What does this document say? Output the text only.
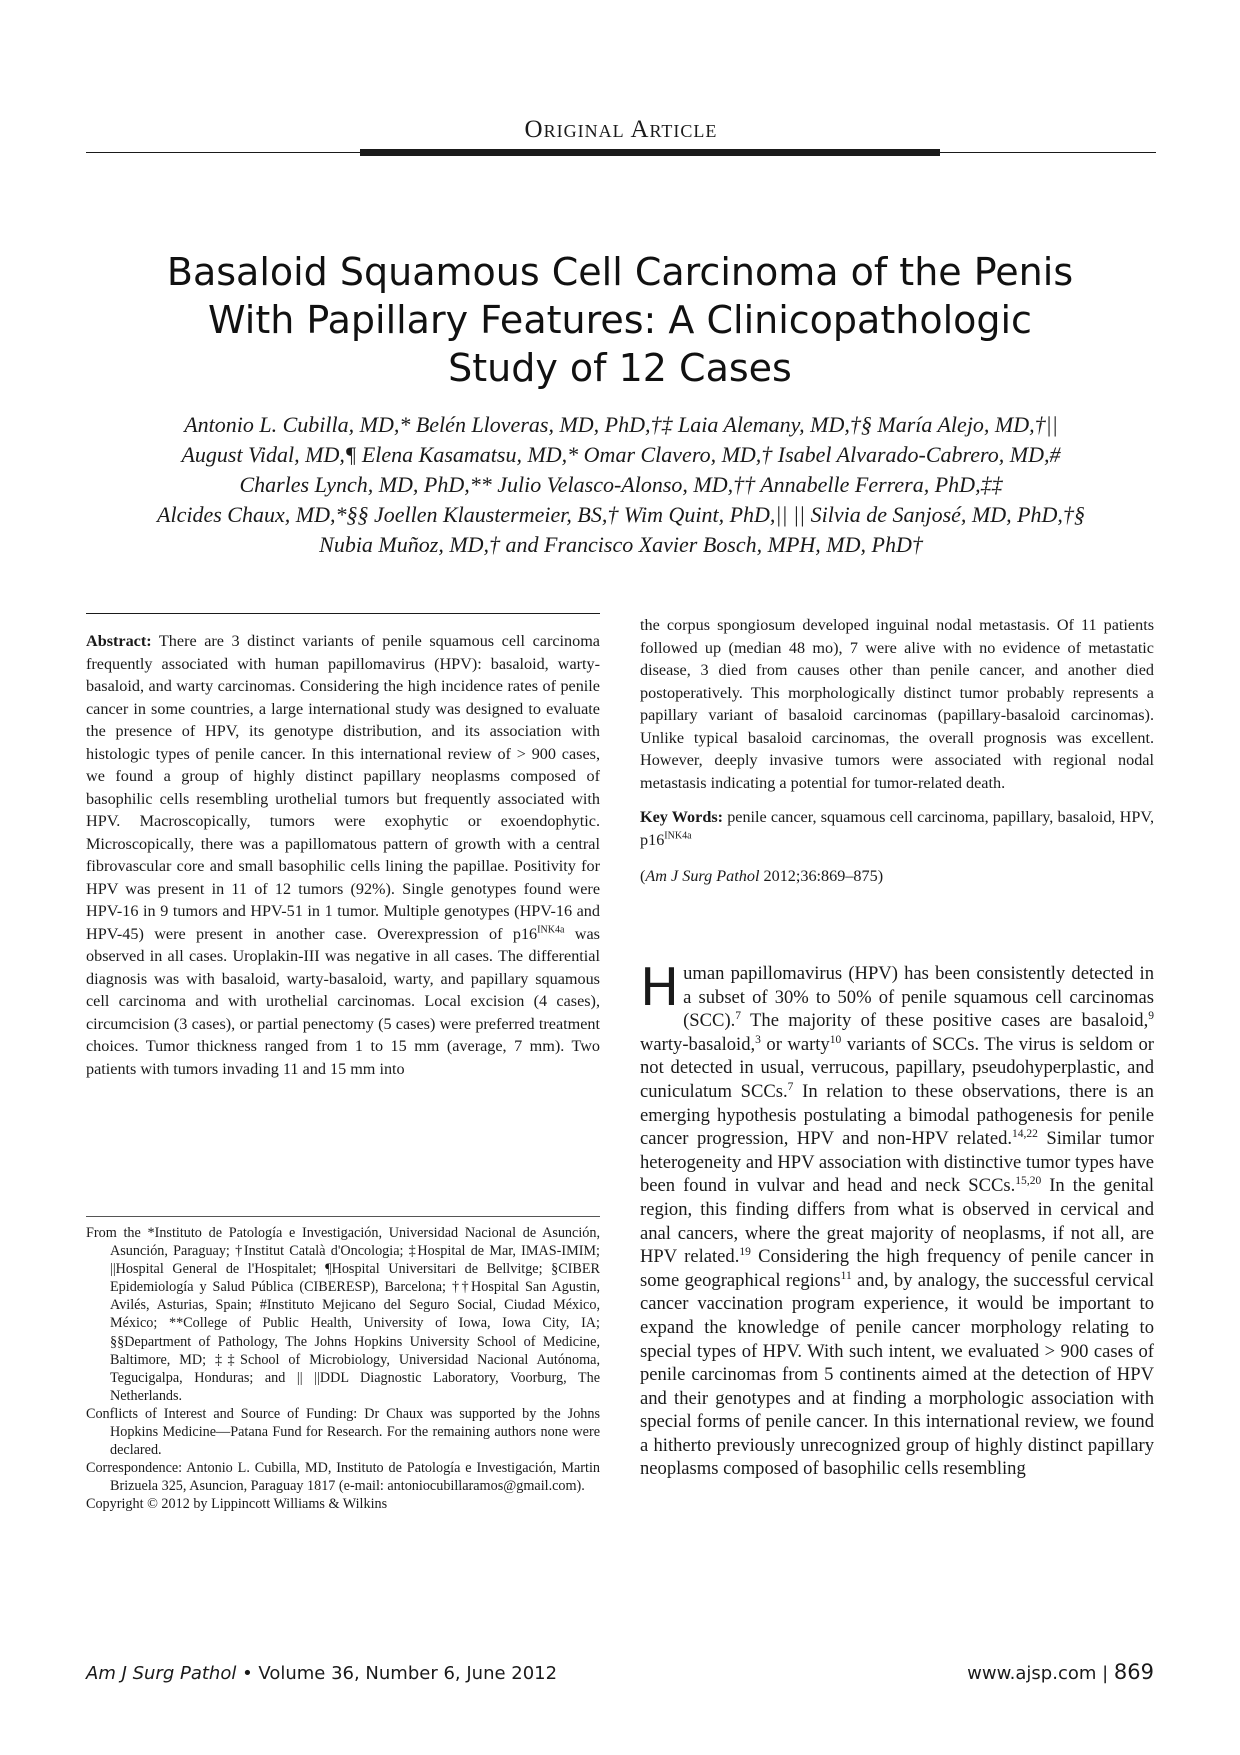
Original Article
Basaloid Squamous Cell Carcinoma of the Penis
With Papillary Features: A Clinicopathologic
Study of 12 Cases
Antonio L. Cubilla, MD,* Belén Lloveras, MD, PhD,†‡ Laia Alemany, MD,†§ María Alejo, MD,†||
August Vidal, MD,¶ Elena Kasamatsu, MD,* Omar Clavero, MD,† Isabel Alvarado-Cabrero, MD,#
Charles Lynch, MD, PhD,** Julio Velasco-Alonso, MD,†† Annabelle Ferrera, PhD,‡‡
Alcides Chaux, MD,*§§ Joellen Klaustermeier, BS,† Wim Quint, PhD,|| || Silvia de Sanjosé, MD, PhD,†§
Nubia Muñoz, MD,† and Francisco Xavier Bosch, MPH, MD, PhD†

Abstract: There are 3 distinct variants of penile squamous cell carcinoma frequently associated with human papillomavirus (HPV): basaloid, warty-basaloid, and warty carcinomas. Considering the high incidence rates of penile cancer in some countries, a large international study was designed to evaluate the presence of HPV, its genotype distribution, and its association with histologic types of penile cancer. In this international review of > 900 cases, we found a group of highly distinct papillary neoplasms composed of basophilic cells resembling urothelial tumors but frequently associated with HPV. Macroscopically, tumors were exophytic or exoendophytic. Microscopically, there was a papillomatous pattern of growth with a central fibrovascular core and small basophilic cells lining the papillae. Positivity for HPV was present in 11 of 12 tumors (92%). Single genotypes found were HPV-16 in 9 tumors and HPV-51 in 1 tumor. Multiple genotypes (HPV-16 and HPV-45) were present in another case. Overexpression of $p16^{INK4a}$ was observed in all cases. Uroplakin-III was negative in all cases. The differential diagnosis was with basaloid, warty-basaloid, warty, and papillary squamous cell carcinoma and with urothelial carcinomas. Local excision (4 cases), circumcision (3 cases), or partial penectomy (5 cases) were preferred treatment choices. Tumor thickness ranged from 1 to 15 mm (average, 7 mm). Two patients with tumors invading 11 and 15 mm into

From the *Instituto de Patología e Investigación, Universidad Nacional de Asunción, Asunción, Paraguay; †Institut Català d'Oncologia; ‡Hospital de Mar, IMAS-IMIM; ||Hospital General de l'Hospitalet; ¶Hospital Universitari de Bellvitge; §CIBER Epidemiología y Salud Pública (CIBERESP), Barcelona; ††Hospital San Agustin, Avilés, Asturias, Spain; #Instituto Mejicano del Seguro Social, Ciudad México, México; **College of Public Health, University of Iowa, Iowa City, IA; §§Department of Pathology, The Johns Hopkins University School of Medicine, Baltimore, MD; ‡‡School of Microbiology, Universidad Nacional Autónoma, Tegucigalpa, Honduras; and || ||DDL Diagnostic Laboratory, Voorburg, The Netherlands.

Conflicts of Interest and Source of Funding: Dr Chaux was supported by the Johns Hopkins Medicine—Patana Fund for Research. For the remaining authors none were declared.

Correspondence: Antonio L. Cubilla, MD, Instituto de Patología e Investigación, Martin Brizuela 325, Asuncion, Paraguay 1817 (e-mail: antoniocubillaramos@gmail.com).

Copyright © 2012 by Lippincott Williams & Wilkins

the corpus spongiosum developed inguinal nodal metastasis. Of 11 patients followed up (median 48 mo), 7 were alive with no evidence of metastatic disease, 3 died from causes other than penile cancer, and another died postoperatively. This morphologically distinct tumor probably represents a papillary variant of basaloid carcinomas (papillary-basaloid carcinomas). Unlike typical basaloid carcinomas, the overall prognosis was excellent. However, deeply invasive tumors were associated with regional nodal metastasis indicating a potential for tumor-related death.

Key Words: penile cancer, squamous cell carcinoma, papillary, basaloid, HPV, $p16^{INK4a}$

(Am J Surg Pathol 2012;36:869–875)

Human papillomavirus (HPV) has been consistently detected in a subset of 30% to 50% of penile squamous cell carcinomas (SCC).$^7$ The majority of these positive cases are basaloid,$^9$ warty-basaloid,$^3$ or warty$^{10}$ variants of SCCs. The virus is seldom or not detected in usual, verrucous, papillary, pseudohyperplastic, and cuniculatum SCCs.$^7$ In relation to these observations, there is an emerging hypothesis postulating a bimodal pathogenesis for penile cancer progression, HPV and non-HPV related.$^{14,22}$ Similar tumor heterogeneity and HPV association with distinctive tumor types have been found in vulvar and head and neck SCCs.$^{15,20}$ In the genital region, this finding differs from what is observed in cervical and anal cancers, where the great majority of neoplasms, if not all, are HPV related.$^{19}$ Considering the high frequency of penile cancer in some geographical regions$^{11}$ and, by analogy, the successful cervical cancer vaccination program experience, it would be important to expand the knowledge of penile cancer morphology relating to special types of HPV. With such intent, we evaluated > 900 cases of penile carcinomas from 5 continents aimed at the detection of HPV and their genotypes and at finding a morphologic association with special forms of penile cancer. In this international review, we found a hitherto previously unrecognized group of highly distinct papillary neoplasms composed of basophilic cells resembling

Am J Surg Pathol • Volume 36, Number 6, June 2012	www.ajsp.com | 869
